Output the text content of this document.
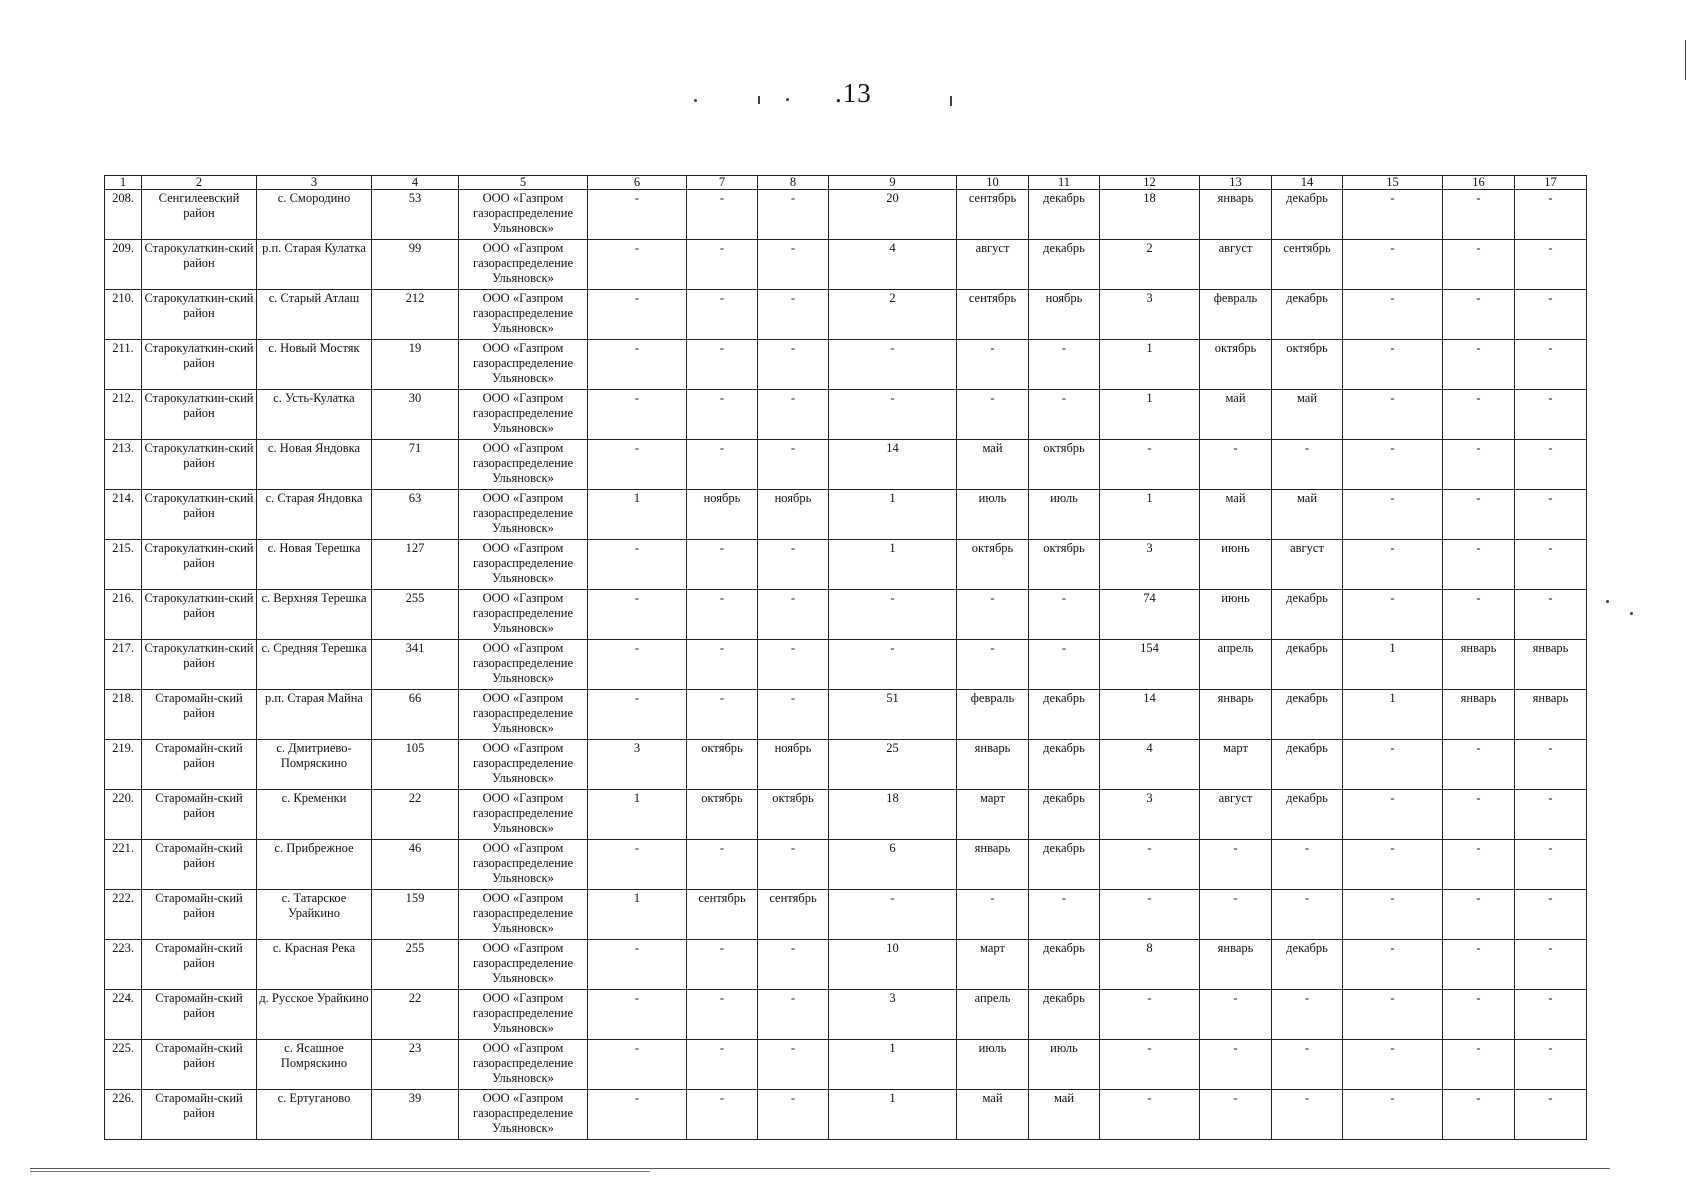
.13
1	2	3	4	5	6	7	8	9	10	11	12	13	14	15	16	17
208.	Сенгилеевский район	с. Смородино	53	ООО «Газпром газораспределение Ульяновск»	-	-	-	20	сентябрь	декабрь	18	январь	декабрь	-	-	-
209.	Старокулаткин-ский район	р.п. Старая Кулатка	99	ООО «Газпром газораспределение Ульяновск»	-	-	-	4	август	декабрь	2	август	сентябрь	-	-	-
210.	Старокулаткин-ский район	с. Старый Атлаш	212	ООО «Газпром газораспределение Ульяновск»	-	-	-	2	сентябрь	ноябрь	3	февраль	декабрь	-	-	-
211.	Старокулаткин-ский район	с. Новый Мостяк	19	ООО «Газпром газораспределение Ульяновск»	-	-	-	-	-	-	1	октябрь	октябрь	-	-	-
212.	Старокулаткин-ский район	с. Усть-Кулатка	30	ООО «Газпром газораспределение Ульяновск»	-	-	-	-	-	-	1	май	май	-	-	-
213.	Старокулаткин-ский район	с. Новая Яндовка	71	ООО «Газпром газораспределение Ульяновск»	-	-	-	14	май	октябрь	-	-	-	-	-	-
214.	Старокулаткин-ский район	с. Старая Яндовка	63	ООО «Газпром газораспределение Ульяновск»	1	ноябрь	ноябрь	1	июль	июль	1	май	май	-	-	-
215.	Старокулаткин-ский район	с. Новая Терешка	127	ООО «Газпром газораспределение Ульяновск»	-	-	-	1	октябрь	октябрь	3	июнь	август	-	-	-
216.	Старокулаткин-ский район	с. Верхняя Терешка	255	ООО «Газпром газораспределение Ульяновск»	-	-	-	-	-	-	74	июнь	декабрь	-	-	-
217.	Старокулаткин-ский район	с. Средняя Терешка	341	ООО «Газпром газораспределение Ульяновск»	-	-	-	-	-	-	154	апрель	декабрь	1	январь	январь
218.	Старомайн-ский район	р.п. Старая Майна	66	ООО «Газпром газораспределение Ульяновск»	-	-	-	51	февраль	декабрь	14	январь	декабрь	1	январь	январь
219.	Старомайн-ский район	с. Дмитриево-Помряскино	105	ООО «Газпром газораспределение Ульяновск»	3	октябрь	ноябрь	25	январь	декабрь	4	март	декабрь	-	-	-
220.	Старомайн-ский район	с. Кременки	22	ООО «Газпром газораспределение Ульяновск»	1	октябрь	октябрь	18	март	декабрь	3	август	декабрь	-	-	-
221.	Старомайн-ский район	с. Прибрежное	46	ООО «Газпром газораспределение Ульяновск»	-	-	-	6	январь	декабрь	-	-	-	-	-	-
222.	Старомайн-ский район	с. Татарское Урайкино	159	ООО «Газпром газораспределение Ульяновск»	1	сентябрь	сентябрь	-	-	-	-	-	-	-	-	-
223.	Старомайн-ский район	с. Красная Река	255	ООО «Газпром газораспределение Ульяновск»	-	-	-	10	март	декабрь	8	январь	декабрь	-	-	-
224.	Старомайн-ский район	д. Русское Урайкино	22	ООО «Газпром газораспределение Ульяновск»	-	-	-	3	апрель	декабрь	-	-	-	-	-	-
225.	Старомайн-ский район	с. Ясашное Помряскино	23	ООО «Газпром газораспределение Ульяновск»	-	-	-	1	июль	июль	-	-	-	-	-	-
226.	Старомайн-ский район	с. Ертуганово	39	ООО «Газпром газораспределение Ульяновск»	-	-	-	1	май	май	-	-	-	-	-	-
